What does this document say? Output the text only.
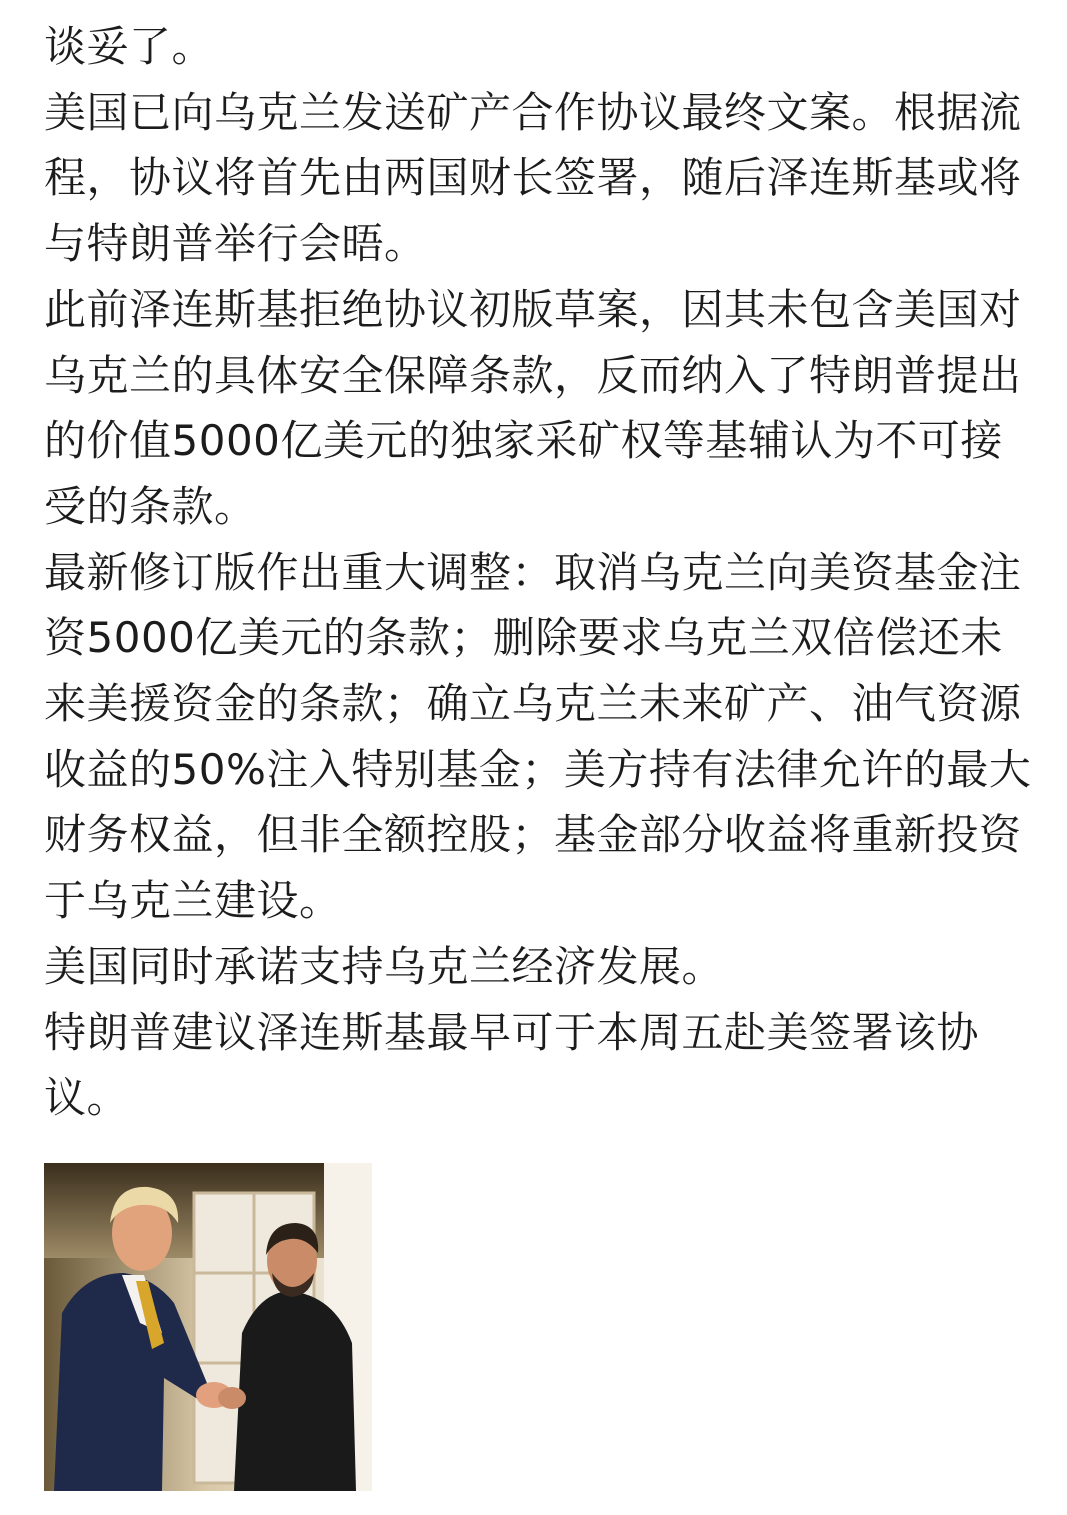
谈妥了。

美国已向乌克兰发送矿产合作协议最终文案。根据流程，协议将首先由两国财长签署，随后泽连斯基或将与特朗普举行会晤。

此前泽连斯基拒绝协议初版草案，因其未包含美国对乌克兰的具体安全保障条款，反而纳入了特朗普提出的价值5000亿美元的独家采矿权等基辅认为不可接受的条款。

最新修订版作出重大调整：取消乌克兰向美资基金注资5000亿美元的条款；删除要求乌克兰双倍偿还未来美援资金的条款；确立乌克兰未来矿产、油气资源收益的50%注入特别基金；美方持有法律允许的最大财务权益，但非全额控股；基金部分收益将重新投资于乌克兰建设。

美国同时承诺支持乌克兰经济发展。

特朗普建议泽连斯基最早可于本周五赴美签署该协议。
